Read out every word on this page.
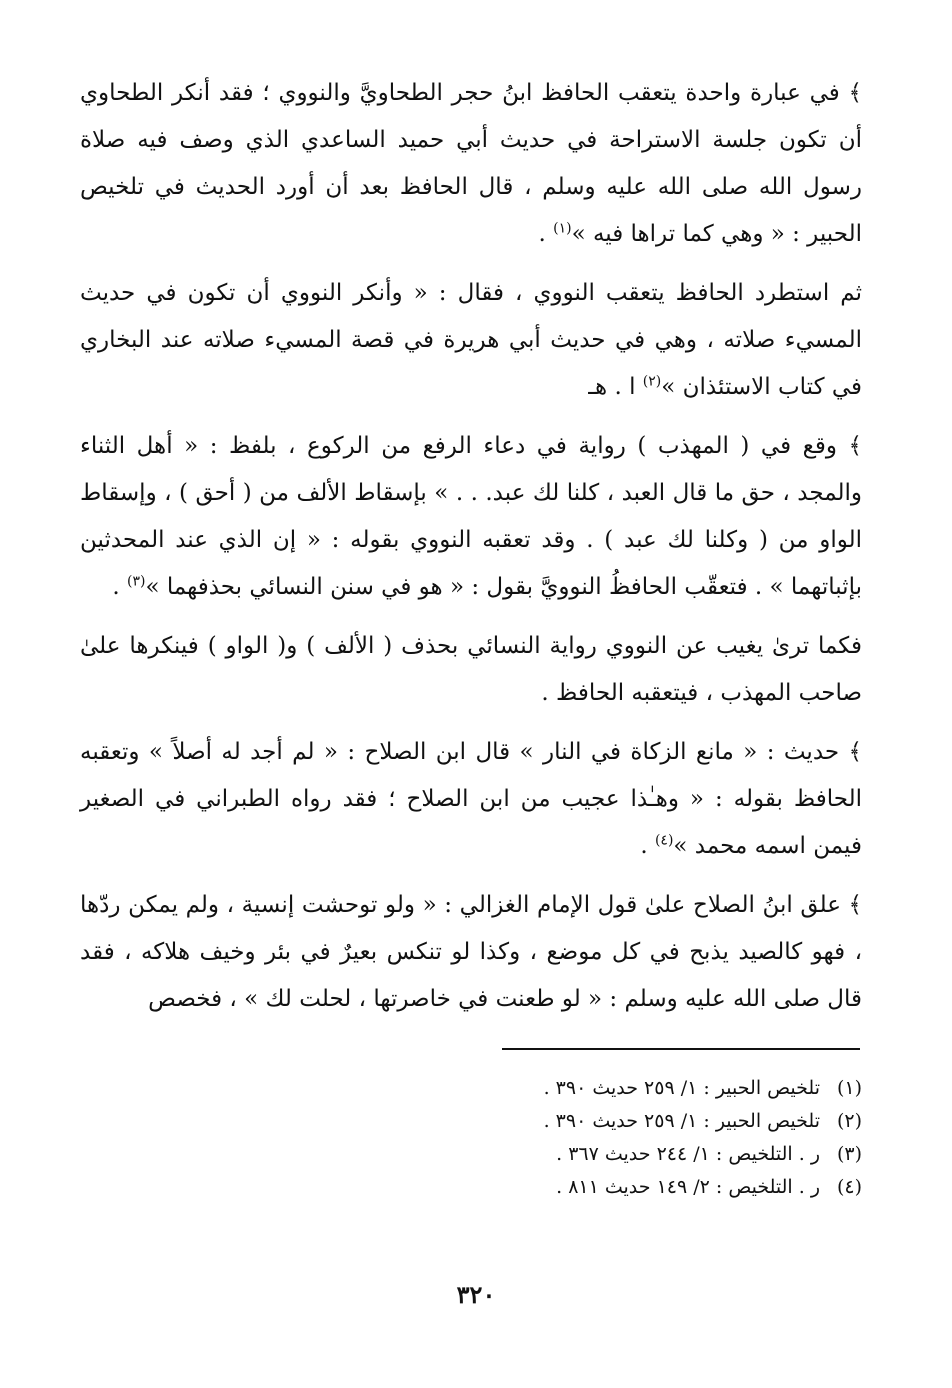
﴾ في عبارة واحدة يتعقب الحافظ ابنُ حجر الطحاويَّ والنووي ؛ فقد أنكر الطحاوي أن تكون جلسة الاستراحة في حديث أبي حميد الساعدي الذي وصف فيه صلاة رسول الله صلى الله عليه وسلم ، قال الحافظ بعد أن أورد الحديث في تلخيص الحبير : « وهي كما تراها فيه »$^{(١)}$ .

ثم استطرد الحافظ يتعقب النووي ، فقال : « وأنكر النووي أن تكون في حديث المسيء صلاته ، وهي في حديث أبي هريرة في قصة المسيء صلاته عند البخاري في كتاب الاستئذان »$^{(٢)}$ ا . هـ

﴾ وقع في ( المهذب ) رواية في دعاء الرفع من الركوع ، بلفظ : « أهل الثناء والمجد ، حق ما قال العبد ، كلنا لك عبد. . . » بإسقاط الألف من ( أحق ) ، وإسقاط الواو من ( وكلنا لك عبد ) . وقد تعقبه النووي بقوله : « إن الذي عند المحدثين بإثباتهما » . فتعقّب الحافظُ النوويَّ بقول : « هو في سنن النسائي بحذفهما »$^{(٣)}$ .

فكما ترىٰ يغيب عن النووي رواية النسائي بحذف ( الألف ) و( الواو ) فينكرها علىٰ صاحب المهذب ، فيتعقبه الحافظ .

﴾ حديث : « مانع الزكاة في النار » قال ابن الصلاح : « لم أجد له أصلاً » وتعقبه الحافظ بقوله : « وهـٰذا عجيب من ابن الصلاح ؛ فقد رواه الطبراني في الصغير فيمن اسمه محمد »$^{(٤)}$ .

﴾ علق ابنُ الصلاح علىٰ قول الإمام الغزالي : « ولو توحشت إنسية ، ولم يمكن ردّها ، فهو كالصيد يذبح في كل موضع ، وكذا لو تنكس بعيرٌ في بئر وخيف هلاكه ، فقد قال صلى الله عليه وسلم : « لو طعنت في خاصرتها ، لحلت لك » ، فخصص

(١)
تلخيص الحبير : ١/ ٢٥٩ حديث ٣٩٠ .
(٢)
تلخيص الحبير : ١/ ٢٥٩ حديث ٣٩٠ .
(٣)
ر . التلخيص : ١/ ٢٤٤ حديث ٣٦٧ .
(٤)
ر . التلخيص : ٢/ ١٤٩ حديث ٨١١ .
٣٢٠
